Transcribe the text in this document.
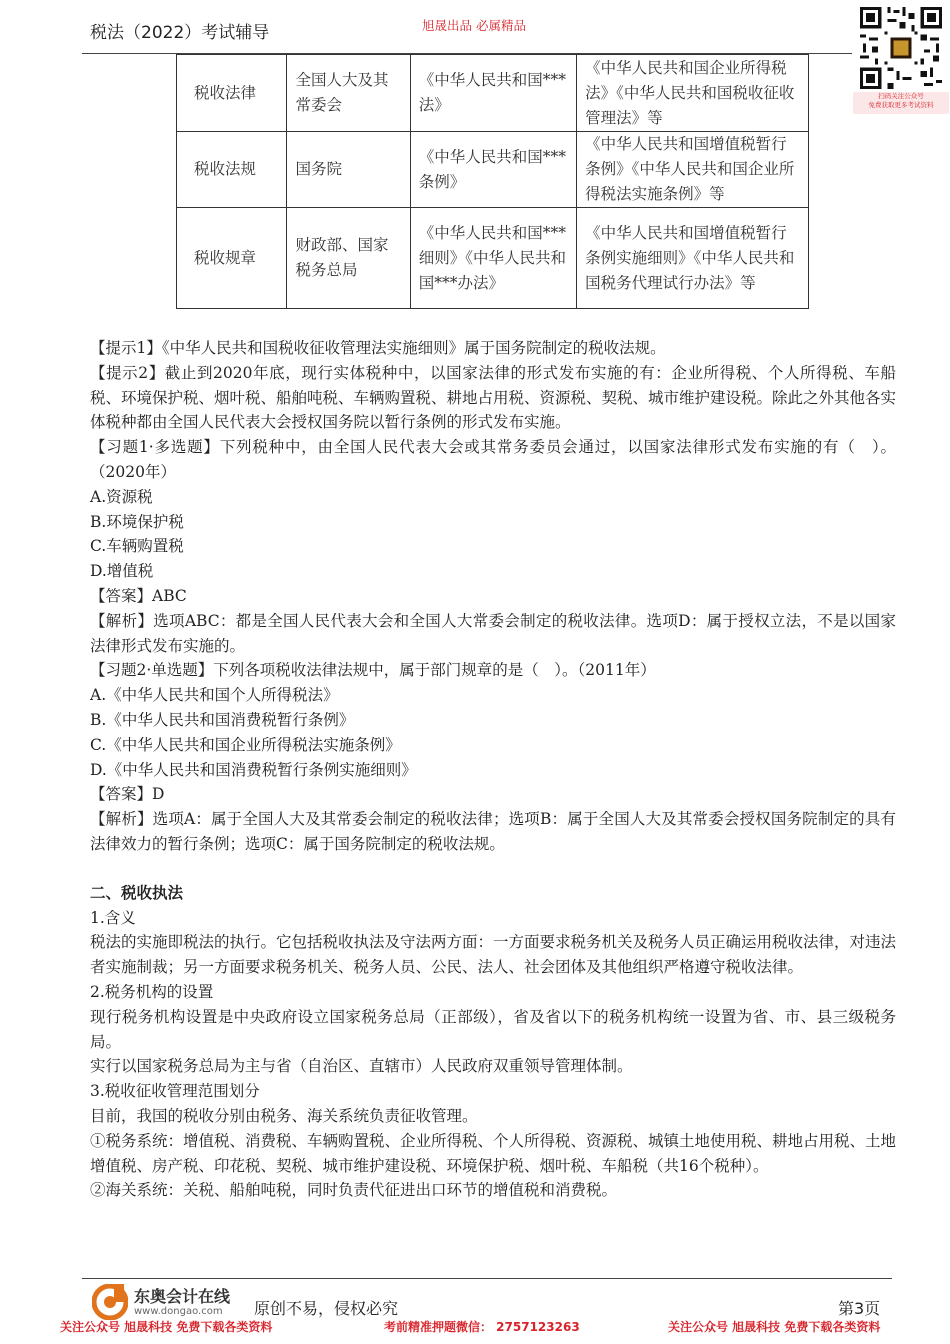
税法（2022）考试辅导	旭晟出品 必属精品
扫码关注公众号
免费获取更多考试资料
税收法律	全国人大及其常委会	《中华人民共和国***法》	《中华人民共和国企业所得税法》《中华人民共和国税收征收管理法》等
税收法规	国务院	《中华人民共和国***条例》	《中华人民共和国增值税暂行条例》《中华人民共和国企业所得税法实施条例》等
税收规章	财政部、国家税务总局	《中华人民共和国***细则》《中华人民共和国***办法》	《中华人民共和国增值税暂行条例实施细则》《中华人民共和国税务代理试行办法》等

【提示1】《中华人民共和国税收征收管理法实施细则》属于国务院制定的税收法规。

【提示2】截止到2020年底，现行实体税种中，以国家法律的形式发布实施的有：企业所得税、个人所得税、车船税、环境保护税、烟叶税、船舶吨税、车辆购置税、耕地占用税、资源税、契税、城市维护建设税。除此之外其他各实体税种都由全国人民代表大会授权国务院以暂行条例的形式发布实施。

【习题1·多选题】下列税种中，由全国人民代表大会或其常务委员会通过，以国家法律形式发布实施的有（　）。（2020年）

A.资源税

B.环境保护税

C.车辆购置税

D.增值税

【答案】ABC

【解析】选项ABC：都是全国人民代表大会和全国人大常委会制定的税收法律。选项D：属于授权立法，不是以国家法律形式发布实施的。

【习题2·单选题】下列各项税收法律法规中，属于部门规章的是（　）。（2011年）

A.《中华人民共和国个人所得税法》

B.《中华人民共和国消费税暂行条例》

C.《中华人民共和国企业所得税法实施条例》

D.《中华人民共和国消费税暂行条例实施细则》

【答案】D

【解析】选项A：属于全国人大及其常委会制定的税收法律；选项B：属于全国人大及其常委会授权国务院制定的具有法律效力的暂行条例；选项C：属于国务院制定的税收法规。

二、税收执法

1.含义

税法的实施即税法的执行。它包括税收执法及守法两方面：一方面要求税务机关及税务人员正确运用税收法律，对违法者实施制裁；另一方面要求税务机关、税务人员、公民、法人、社会团体及其他组织严格遵守税收法律。

2.税务机构的设置

现行税务机构设置是中央政府设立国家税务总局（正部级），省及省以下的税务机构统一设置为省、市、县三级税务局。

实行以国家税务总局为主与省（自治区、直辖市）人民政府双重领导管理体制。

3.税收征收管理范围划分

目前，我国的税收分别由税务、海关系统负责征收管理。

①税务系统：增值税、消费税、车辆购置税、企业所得税、个人所得税、资源税、城镇土地使用税、耕地占用税、土地增值税、房产税、印花税、契税、城市维护建设税、环境保护税、烟叶税、车船税（共16个税种）。

②海关系统：关税、船舶吨税，同时负责代征进出口环节的增值税和消费税。

东奥会计在线
www.dongao.com 原创不易，侵权必究	第3页
关注公众号 旭晟科技 免费下载各类资料	考前精准押题微信： 2757123263	关注公众号 旭晟科技 免费下载各类资料
